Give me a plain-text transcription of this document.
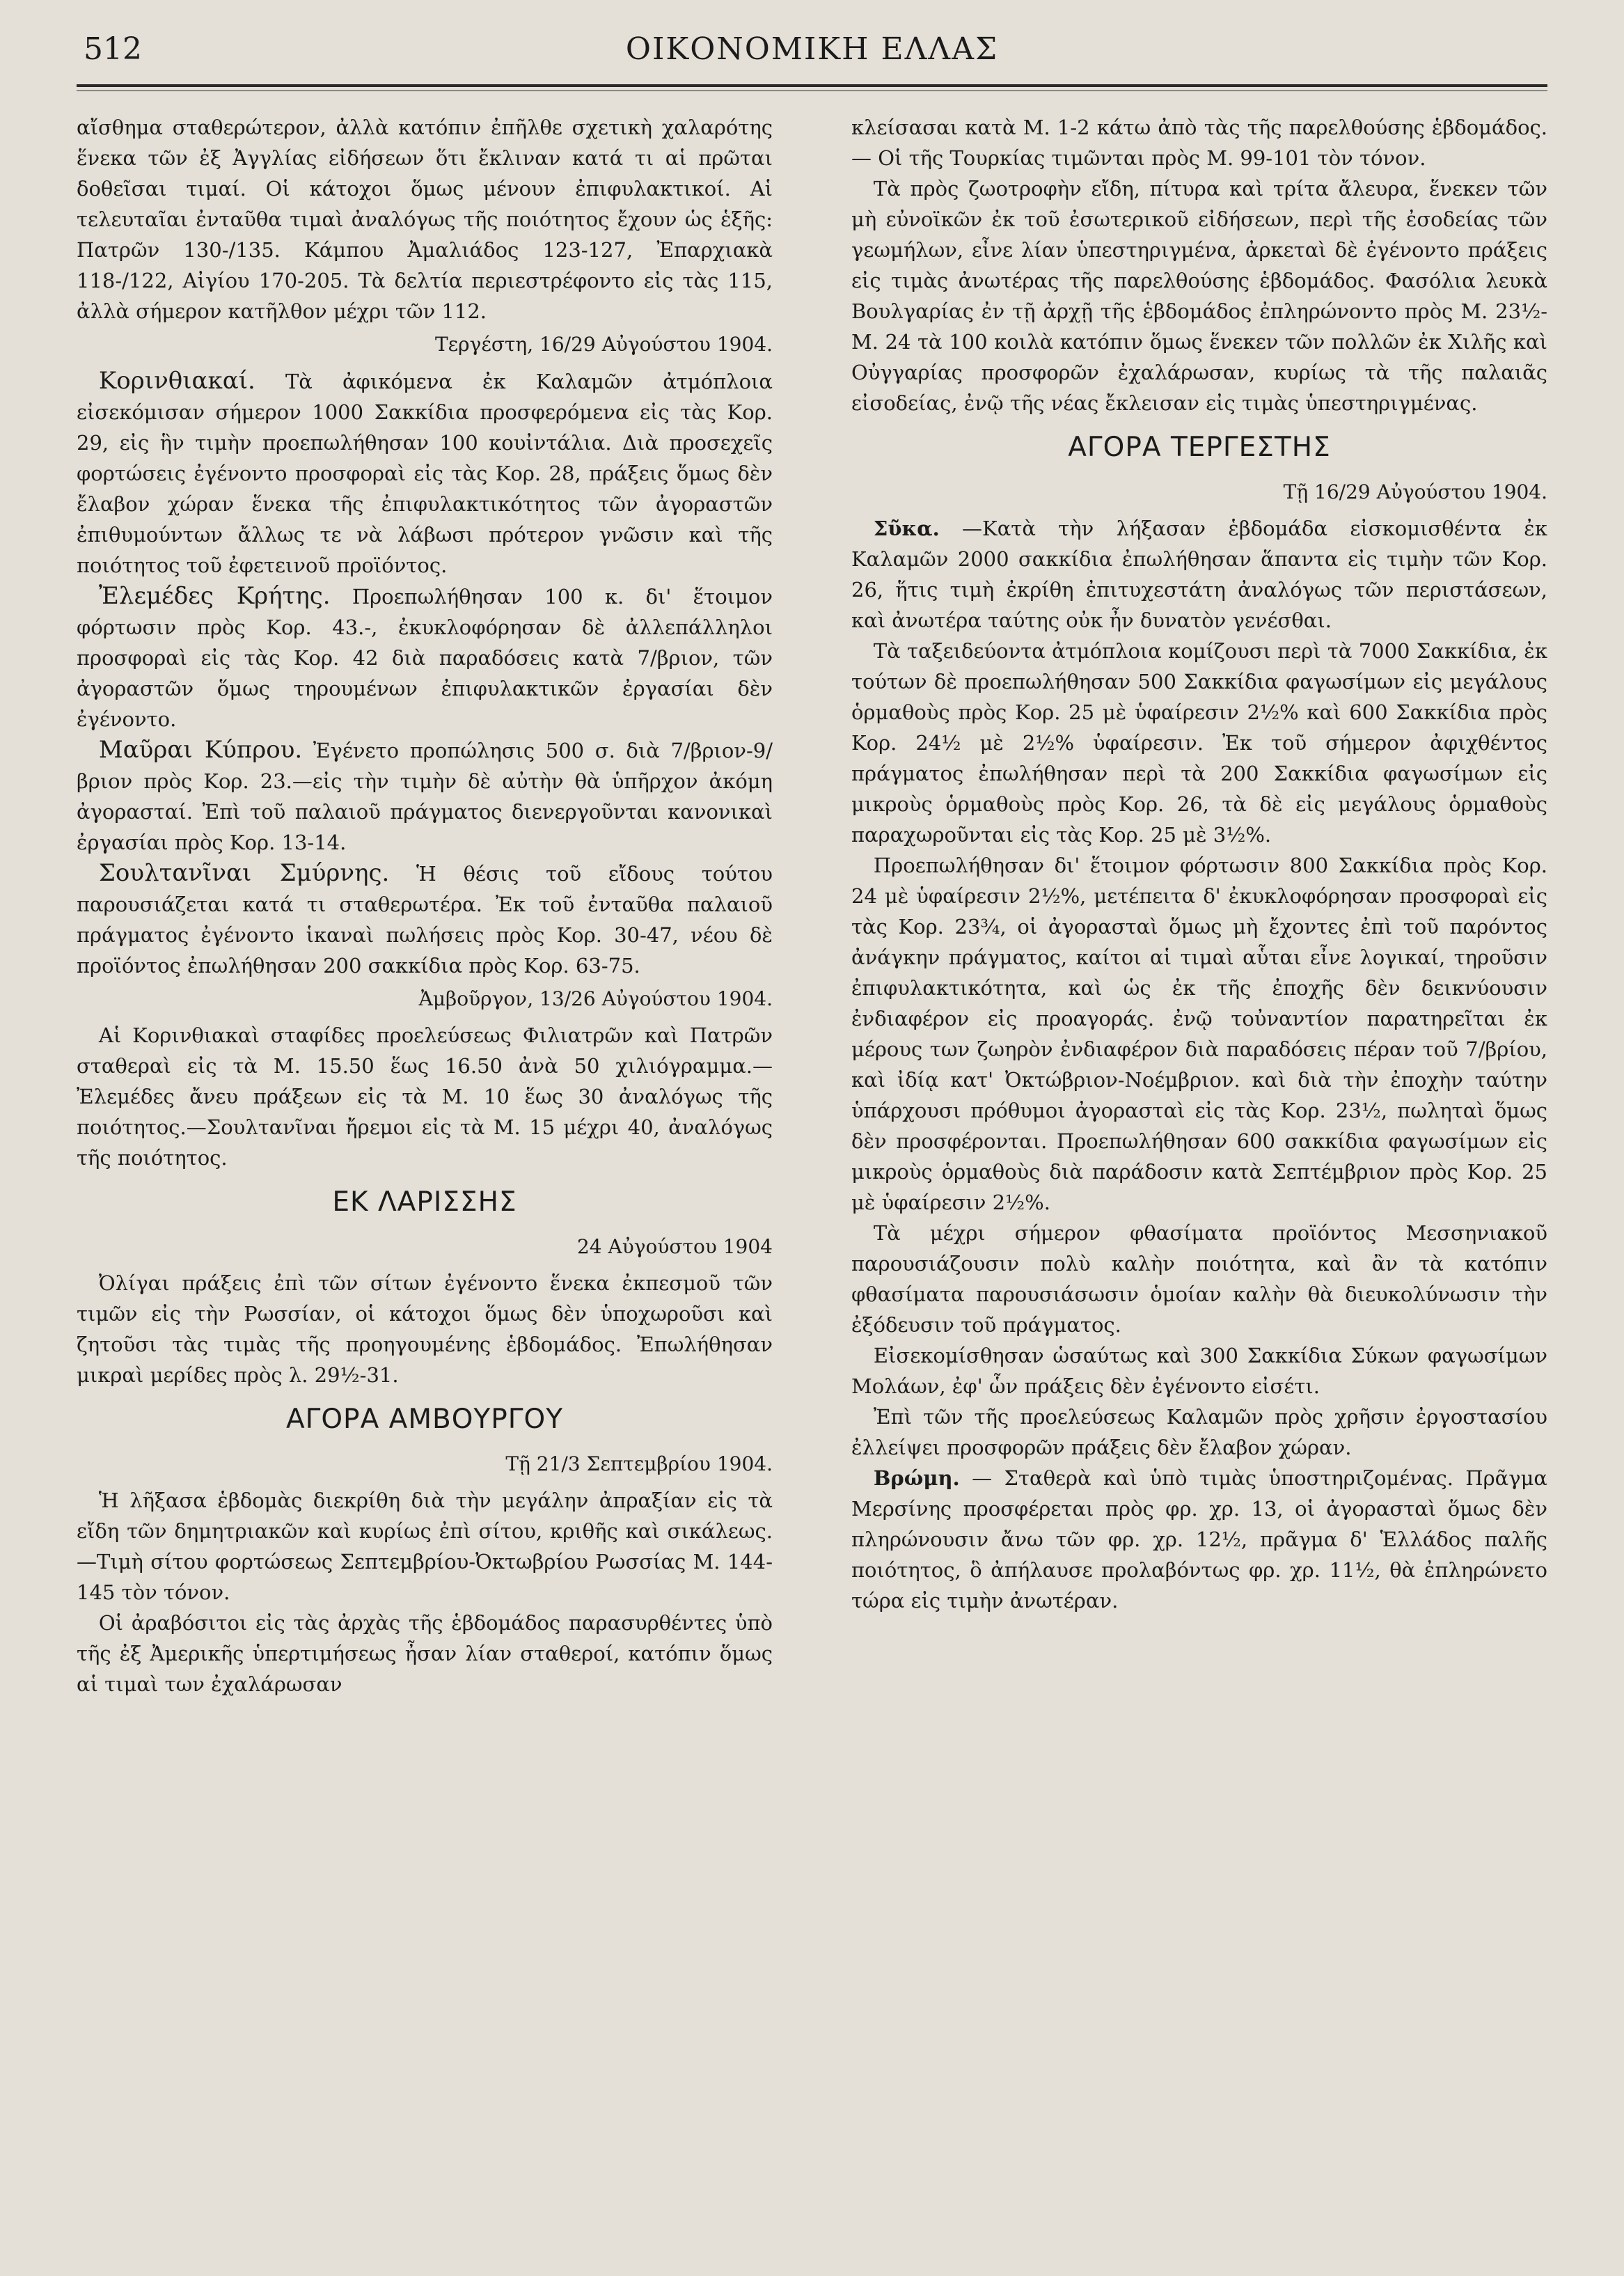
512	ΟΙΚΟΝΟΜΙΚΗ ΕΛΛΑΣ

αἴσθημα σταθερώτερον, ἀλλὰ κατόπιν ἐπῆλθε σχετικὴ χαλαρότης ἕνεκα τῶν ἐξ Ἀγγλίας εἰδήσεων ὅτι ἔκλιναν κατά τι αἱ πρῶται δοθεῖσαι τιμαί. Οἱ κάτοχοι ὅμως μένουν ἐπιφυλακτικοί. Αἱ τελευταῖαι ἐνταῦθα τιμαὶ ἀναλόγως τῆς ποιότητος ἔχουν ὡς ἑξῆς: Πατρῶν 130-/135. Κάμπου Ἀμαλιάδος 123-127, Ἐπαρχιακὰ 118-/122, Αἰγίου 170-205. Τὰ δελτία περιεστρέφοντο εἰς τὰς 115, ἀλλὰ σήμερον κατῆλθον μέχρι τῶν 112.

Τεργέστη, 16/29 Αὐγούστου 1904.

Κορινθιακαί. Τὰ ἀφικόμενα ἐκ Καλαμῶν ἀτμόπλοια εἰσεκόμισαν σήμερον 1000 Σακκίδια προσφερόμενα εἰς τὰς Κορ. 29, εἰς ἣν τιμὴν προεπωλήθησαν 100 κουἰντάλια. Διὰ προσεχεῖς φορτώσεις ἐγένοντο προσφοραὶ εἰς τὰς Κορ. 28, πράξεις ὅμως δὲν ἔλαβον χώραν ἕνεκα τῆς ἐπιφυλακτικότητος τῶν ἀγοραστῶν ἐπιθυμούντων ἄλλως τε νὰ λάβωσι πρότερον γνῶσιν καὶ τῆς ποιότητος τοῦ ἐφετεινοῦ προϊόντος.

Ἐλεμέδες Κρήτης. Προεπωλήθησαν 100 κ. δι' ἕτοιμον φόρτωσιν πρὸς Κορ. 43.-, ἐκυκλοφόρησαν δὲ ἀλλεπάλληλοι προσφοραὶ εἰς τὰς Κορ. 42 διὰ παραδόσεις κατὰ 7/βριον, τῶν ἀγοραστῶν ὅμως τηρουμένων ἐπιφυλακτικῶν ἐργασίαι δὲν ἐγένοντο.

Μαῦραι Κύπρου. Ἐγένετο προπώλησις 500 σ. διὰ 7/βριον-9/βριον πρὸς Κορ. 23.—εἰς τὴν τιμὴν δὲ αὐτὴν θὰ ὑπῆρχον ἀκόμη ἀγορασταί. Ἐπὶ τοῦ παλαιοῦ πράγματος διενεργοῦνται κανονικαὶ ἐργασίαι πρὸς Κορ. 13-14.

Σουλτανῖναι Σμύρνης. Ἡ θέσις τοῦ εἴδους τούτου παρουσιάζεται κατά τι σταθερωτέρα. Ἐκ τοῦ ἐνταῦθα παλαιοῦ πράγματος ἐγένοντο ἱκαναὶ πωλήσεις πρὸς Κορ. 30-47, νέου δὲ προϊόντος ἐπωλήθησαν 200 σακκίδια πρὸς Κορ. 63-75.

Ἀμβοῦργον, 13/26 Αὐγούστου 1904.

Αἱ Κορινθιακαὶ σταφίδες προελεύσεως Φιλιατρῶν καὶ Πατρῶν σταθεραὶ εἰς τὰ Μ. 15.50 ἕως 16.50 ἀνὰ 50 χιλιόγραμμα.—Ἐλεμέδες ἄνευ πράξεων εἰς τὰ Μ. 10 ἕως 30 ἀναλόγως τῆς ποιότητος.—Σουλτανῖναι ἤρεμοι εἰς τὰ Μ. 15 μέχρι 40, ἀναλόγως τῆς ποιότητος.

ΕΚ ΛΑΡΙΣΣΗΣ
24 Αὐγούστου 1904

Ὀλίγαι πράξεις ἐπὶ τῶν σίτων ἐγένοντο ἕνεκα ἐκπεσμοῦ τῶν τιμῶν εἰς τὴν Ρωσσίαν, οἱ κάτοχοι ὅμως δὲν ὑποχωροῦσι καὶ ζητοῦσι τὰς τιμὰς τῆς προηγουμένης ἑβδομάδος. Ἐπωλήθησαν μικραὶ μερίδες πρὸς λ. 29½-31.

ΑΓΟΡΑ ΑΜΒΟΥΡΓΟΥ
Τῇ 21/3 Σεπτεμβρίου 1904.

Ἡ λῆξασα ἑβδομὰς διεκρίθη διὰ τὴν μεγάλην ἀπραξίαν εἰς τὰ εἴδη τῶν δημητριακῶν καὶ κυρίως ἐπὶ σίτου, κριθῆς καὶ σικάλεως. —Τιμὴ σίτου φορτώσεως Σεπτεμβρίου-Ὀκτωβρίου Ρωσσίας Μ. 144-145 τὸν τόνον.

Οἱ ἀραβόσιτοι εἰς τὰς ἀρχὰς τῆς ἑβδομάδος παρασυρθέντες ὑπὸ τῆς ἐξ Ἀμερικῆς ὑπερτιμήσεως ἦσαν λίαν σταθεροί, κατόπιν ὅμως αἱ τιμαὶ των ἐχαλάρωσαν

κλείσασαι κατὰ Μ. 1-2 κάτω ἀπὸ τὰς τῆς παρελθούσης ἑβδομάδος. — Οἱ τῆς Τουρκίας τιμῶνται πρὸς Μ. 99-101 τὸν τόνον.

Τὰ πρὸς ζωοτροφὴν εἴδη, πίτυρα καὶ τρίτα ἄλευρα, ἕνεκεν τῶν μὴ εὐνοϊκῶν ἐκ τοῦ ἐσωτερικοῦ εἰδήσεων, περὶ τῆς ἐσοδείας τῶν γεωμήλων, εἶνε λίαν ὑπεστηριγμένα, ἀρκεταὶ δὲ ἐγένοντο πράξεις εἰς τιμὰς ἀνωτέρας τῆς παρελθούσης ἑβδομάδος. Φασόλια λευκὰ Βουλγαρίας ἐν τῇ ἀρχῇ τῆς ἑβδομάδος ἐπληρώνοντο πρὸς Μ. 23½-Μ. 24 τὰ 100 κοιλὰ κατόπιν ὅμως ἕνεκεν τῶν πολλῶν ἐκ Χιλῆς καὶ Οὐγγαρίας προσφορῶν ἐχαλάρωσαν, κυρίως τὰ τῆς παλαιᾶς εἰσοδείας, ἐνῷ τῆς νέας ἔκλεισαν εἰς τιμὰς ὑπεστηριγμένας.

ΑΓΟΡΑ ΤΕΡΓΕΣΤΗΣ
Τῇ 16/29 Αὐγούστου 1904.

Σῦκα. —Κατὰ τὴν λήξασαν ἑβδομάδα εἰσκομισθέντα ἐκ Καλαμῶν 2000 σακκίδια ἐπωλήθησαν ἅπαντα εἰς τιμὴν τῶν Κορ. 26, ἥτις τιμὴ ἐκρίθη ἐπιτυχεστάτη ἀναλόγως τῶν περιστάσεων, καὶ ἀνωτέρα ταύτης οὐκ ἦν δυνατὸν γενέσθαι.

Τὰ ταξειδεύοντα ἀτμόπλοια κομίζουσι περὶ τὰ 7000 Σακκίδια, ἐκ τούτων δὲ προεπωλήθησαν 500 Σακκίδια φαγωσίμων εἰς μεγάλους ὁρμαθοὺς πρὸς Κορ. 25 μὲ ὑφαίρεσιν 2½% καὶ 600 Σακκίδια πρὸς Κορ. 24½ μὲ 2½% ὑφαίρεσιν. Ἐκ τοῦ σήμερον ἀφιχθέντος πράγματος ἐπωλήθησαν περὶ τὰ 200 Σακκίδια φαγωσίμων εἰς μικροὺς ὁρμαθοὺς πρὸς Κορ. 26, τὰ δὲ εἰς μεγάλους ὁρμαθοὺς παραχωροῦνται εἰς τὰς Κορ. 25 μὲ 3½%.

Προεπωλήθησαν δι' ἕτοιμον φόρτωσιν 800 Σακκίδια πρὸς Κορ. 24 μὲ ὑφαίρεσιν 2½%, μετέπειτα δ' ἐκυκλοφόρησαν προσφοραὶ εἰς τὰς Κορ. 23¾, οἱ ἀγορασταὶ ὅμως μὴ ἔχοντες ἐπὶ τοῦ παρόντος ἀνάγκην πράγματος, καίτοι αἱ τιμαὶ αὗται εἶνε λογικαί, τηροῦσιν ἐπιφυλακτικότητα, καὶ ὡς ἐκ τῆς ἐποχῆς δὲν δεικνύουσιν ἐνδιαφέρον εἰς προαγοράς. ἐνῷ τοὐναντίον παρατηρεῖται ἐκ μέρους των ζωηρὸν ἐνδιαφέρον διὰ παραδόσεις πέραν τοῦ 7/βρίου, καὶ ἰδίᾳ κατ' Ὀκτώβριον-Νοέμβριον. καὶ διὰ τὴν ἐποχὴν ταύτην ὑπάρχουσι πρόθυμοι ἀγορασταὶ εἰς τὰς Κορ. 23½, πωληταὶ ὅμως δὲν προσφέρονται. Προεπωλήθησαν 600 σακκίδια φαγωσίμων εἰς μικροὺς ὁρμαθοὺς διὰ παράδοσιν κατὰ Σεπτέμβριον πρὸς Κορ. 25 μὲ ὑφαίρεσιν 2½%.

Τὰ μέχρι σήμερον φθασίματα προϊόντος Μεσσηνιακοῦ παρουσιάζουσιν πολὺ καλὴν ποιότητα, καὶ ἂν τὰ κατόπιν φθασίματα παρουσιάσωσιν ὁμοίαν καλὴν θὰ διευκολύνωσιν τὴν ἐξόδευσιν τοῦ πράγματος.

Εἰσεκομίσθησαν ὡσαύτως καὶ 300 Σακκίδια Σύκων φαγωσίμων Μολάων, ἐφ' ὧν πράξεις δὲν ἐγένοντο εἰσέτι.

Ἐπὶ τῶν τῆς προελεύσεως Καλαμῶν πρὸς χρῆσιν ἐργοστασίου ἐλλείψει προσφορῶν πράξεις δὲν ἔλαβον χώραν.

Βρώμη. — Σταθερὰ καὶ ὑπὸ τιμὰς ὑποστηριζομένας. Πρᾶγμα Μερσίνης προσφέρεται πρὸς φρ. χρ. 13, οἱ ἀγορασταὶ ὅμως δὲν πληρώνουσιν ἄνω τῶν φρ. χρ. 12½, πρᾶγμα δ' Ἑλλάδος παλῆς ποιότητος, ὃ ἀπήλαυσε προλαβόντως φρ. χρ. 11½, θὰ ἐπληρώνετο τώρα εἰς τιμὴν ἀνωτέραν.
